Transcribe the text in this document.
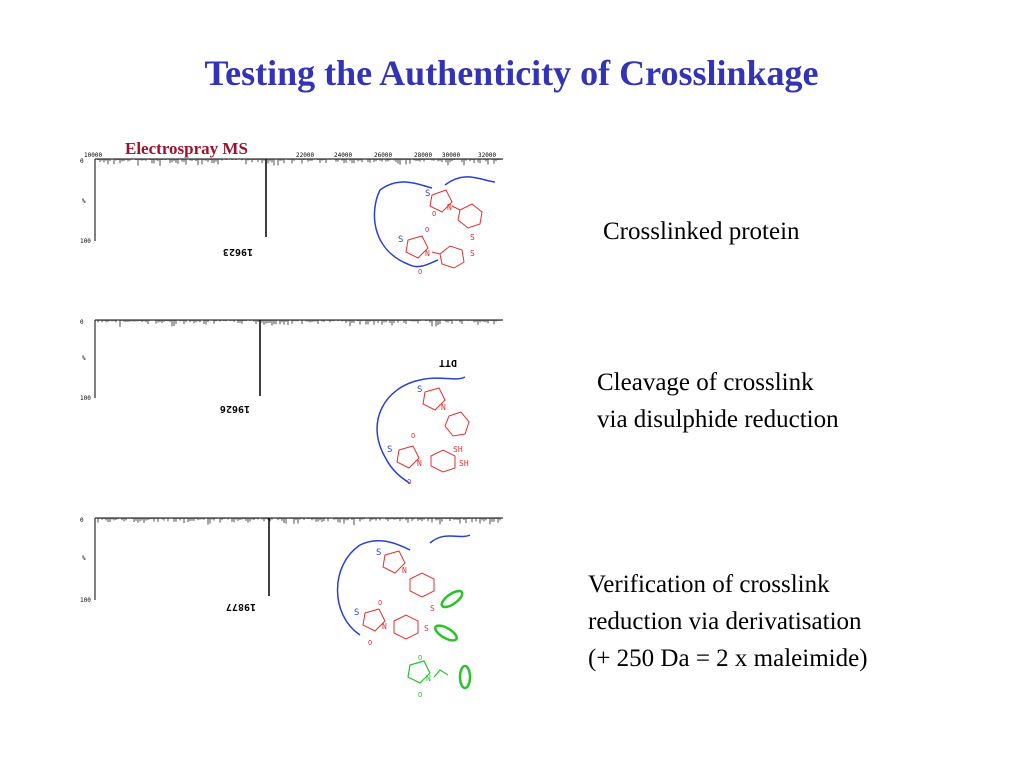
Testing the Authenticity of Crosslinkage
Electrospray MS
0
%
100
10000	22000	24000	26000	28000 30000	32000
19623
S
N
S
S
N	S
O
O
O
Crosslinked protein
0
%
100
19626
DTT
S
N
SH
S
N	SH
O
O
Cleavage of crosslink
via disulphide reduction
0
%
100
19877
S
N
S
S
N	S
O
O
N
O
O
Verification of crosslink
reduction via derivatisation
(+ 250 Da = 2 x maleimide)
